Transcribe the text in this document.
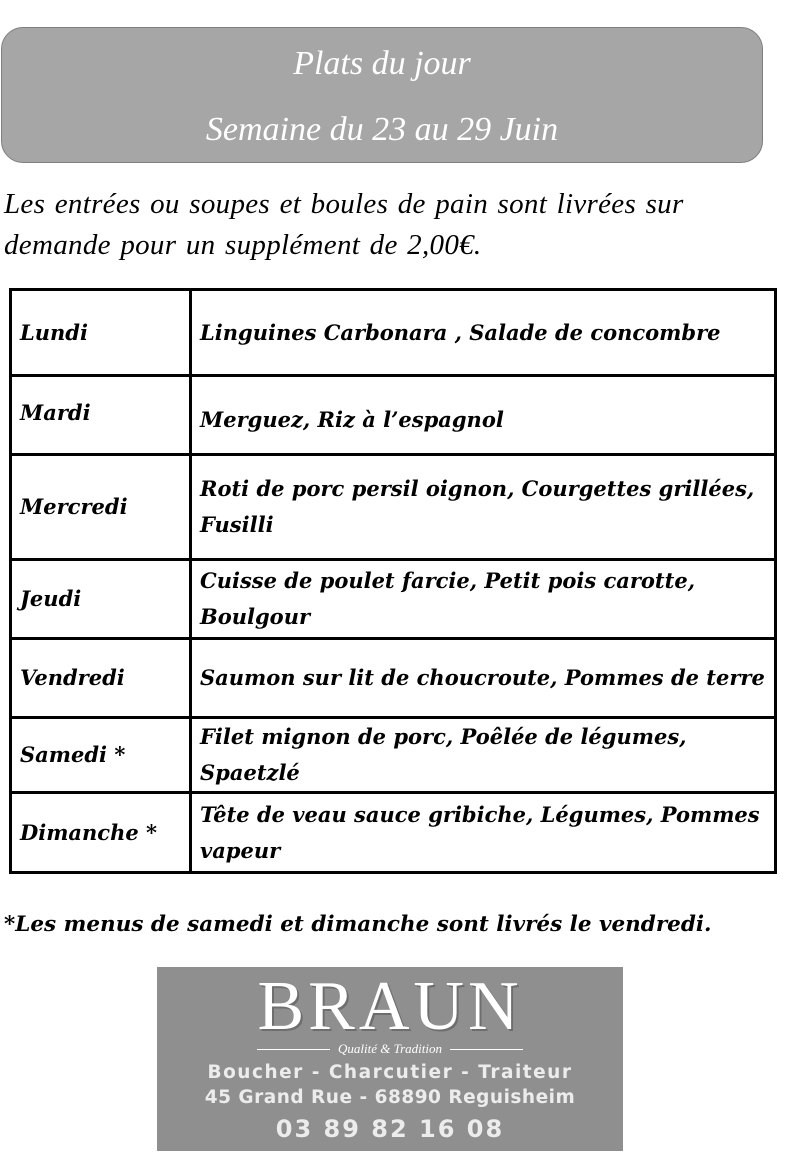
Plats du jour
Semaine du 23 au 29 Juin
Les entrées ou soupes et boules de pain sont livrées sur demande pour un supplément de 2,00€.
Lundi	Linguines Carbonara , Salade de concombre
Mardi	Merguez, Riz à l’espagnol
Mercredi	Roti de porc persil oignon, Courgettes grillées, Fusilli
Jeudi	Cuisse de poulet farcie, Petit pois carotte, Boulgour
Vendredi	Saumon sur lit de choucroute, Pommes de terre
Samedi *	Filet mignon de porc, Poêlée de légumes, Spaetzlé
Dimanche *	Tête de veau sauce gribiche, Légumes, Pommes vapeur
*Les menus de samedi et dimanche sont livrés le vendredi.
BRAUN
Qualité & Tradition
Boucher - Charcutier - Traiteur
45 Grand Rue - 68890 Reguisheim
03 89 82 16 08
